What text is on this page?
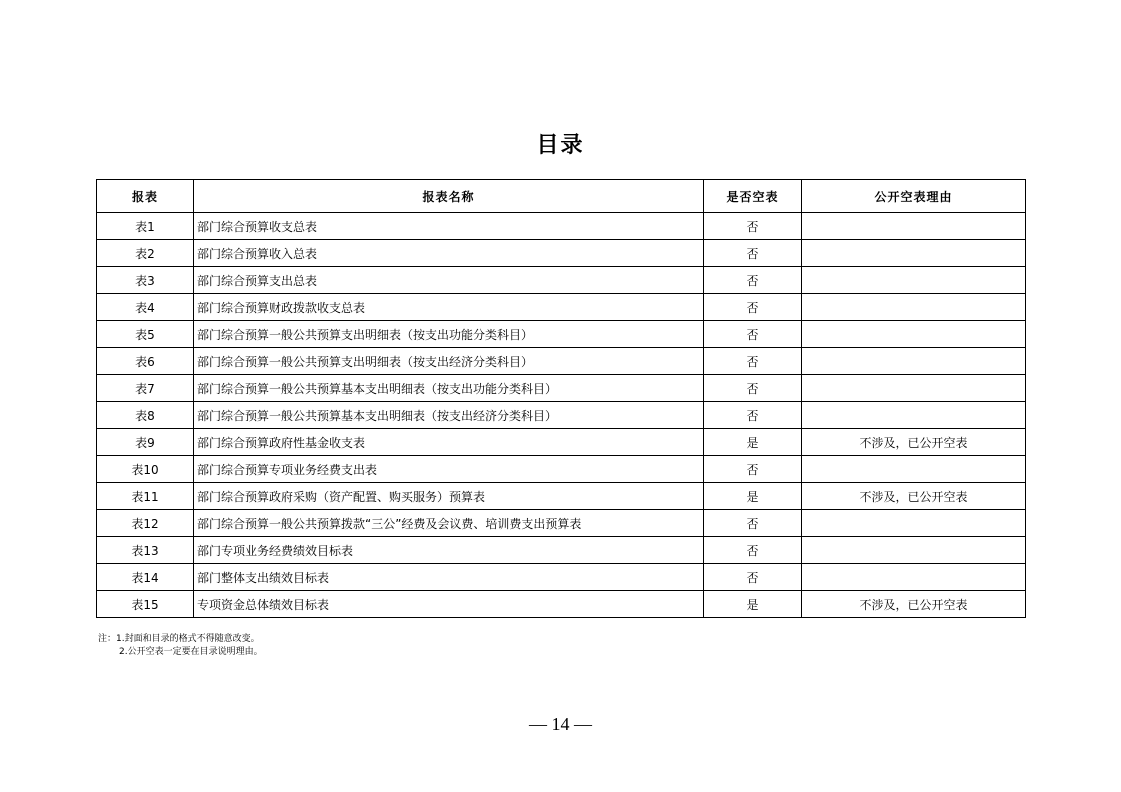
目录
报表	报表名称	是否空表	公开空表理由
表1	部门综合预算收支总表	否	
表2	部门综合预算收入总表	否	
表3	部门综合预算支出总表	否	
表4	部门综合预算财政拨款收支总表	否	
表5	部门综合预算一般公共预算支出明细表（按支出功能分类科目）	否	
表6	部门综合预算一般公共预算支出明细表（按支出经济分类科目）	否	
表7	部门综合预算一般公共预算基本支出明细表（按支出功能分类科目）	否	
表8	部门综合预算一般公共预算基本支出明细表（按支出经济分类科目）	否	
表9	部门综合预算政府性基金收支表	是	不涉及，已公开空表
表10	部门综合预算专项业务经费支出表	否	
表11	部门综合预算政府采购（资产配置、购买服务）预算表	是	不涉及，已公开空表
表12	部门综合预算一般公共预算拨款“三公”经费及会议费、培训费支出预算表	否	
表13	部门专项业务经费绩效目标表	否	
表14	部门整体支出绩效目标表	否	
表15	专项资金总体绩效目标表	是	不涉及，已公开空表
注：1.封面和目录的格式不得随意改变。
2.公开空表一定要在目录说明理由。
— 14 —
